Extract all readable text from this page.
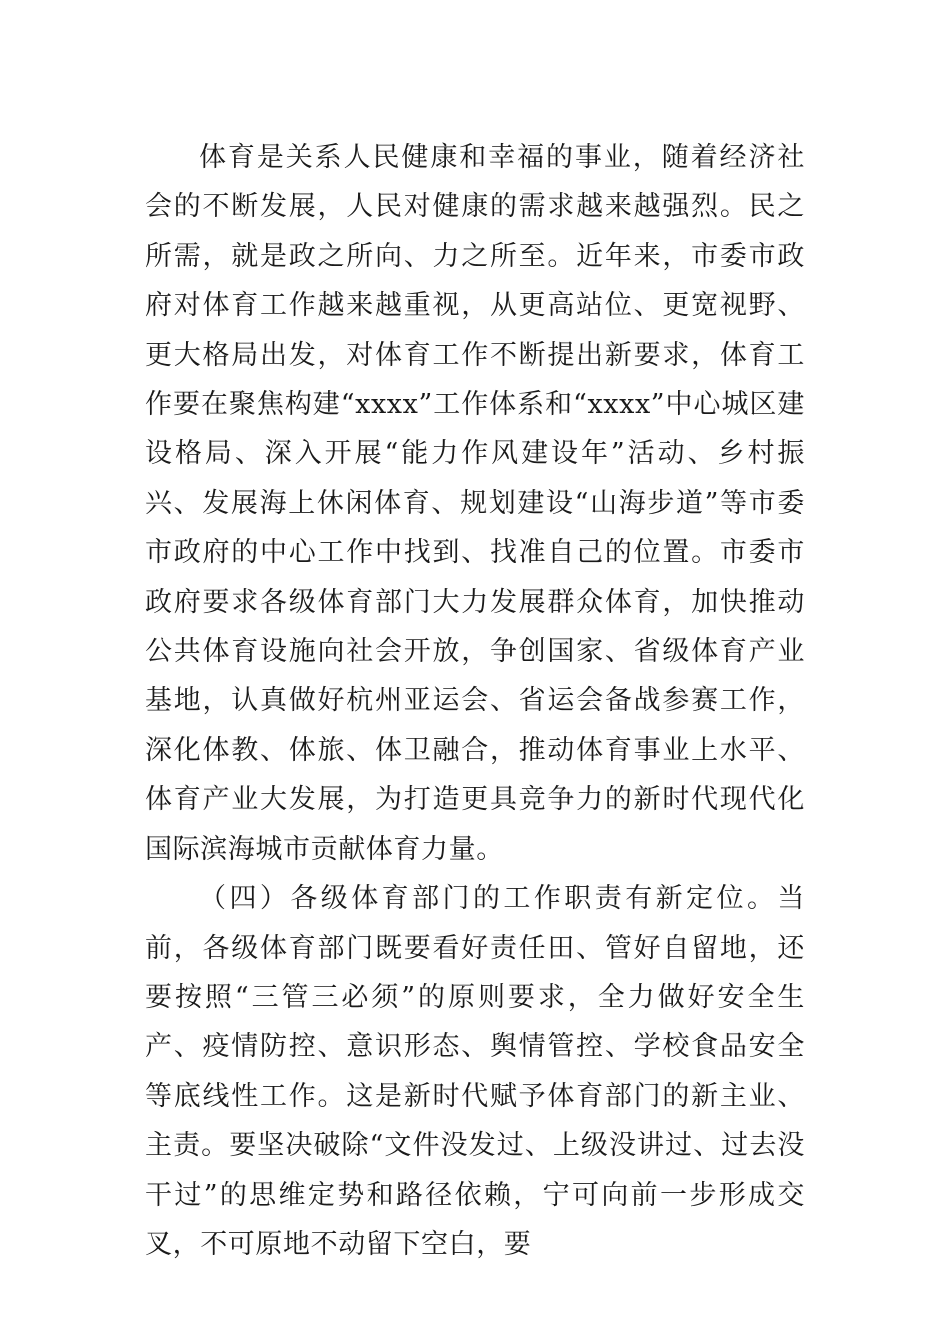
体育是关系人民健康和幸福的事业，随着经济社会的不断发展，人民对健康的需求越来越强烈。民之所需，就是政之所向、力之所至。近年来，市委市政府对体育工作越来越重视，从更高站位、更宽视野、更大格局出发，对体育工作不断提出新要求，体育工作要在聚焦构建“xxxx”工作体系和“xxxx”中心城区建设格局、深入开展“能力作风建设年”活动、乡村振兴、发展海上休闲体育、规划建设“山海步道”等市委市政府的中心工作中找到、找准自己的位置。市委市政府要求各级体育部门大力发展群众体育，加快推动公共体育设施向社会开放，争创国家、省级体育产业基地，认真做好杭州亚运会、省运会备战参赛工作，深化体教、体旅、体卫融合，推动体育事业上水平、体育产业大发展，为打造更具竞争力的新时代现代化国际滨海城市贡献体育力量。

（四）各级体育部门的工作职责有新定位。当前，各级体育部门既要看好责任田、管好自留地，还要按照“三管三必须”的原则要求，全力做好安全生产、疫情防控、意识形态、舆情管控、学校食品安全等底线性工作。这是新时代赋予体育部门的新主业、主责。要坚决破除“文件没发过、上级没讲过、过去没干过”的思维定势和路径依赖，宁可向前一步形成交叉，不可原地不动留下空白，要
